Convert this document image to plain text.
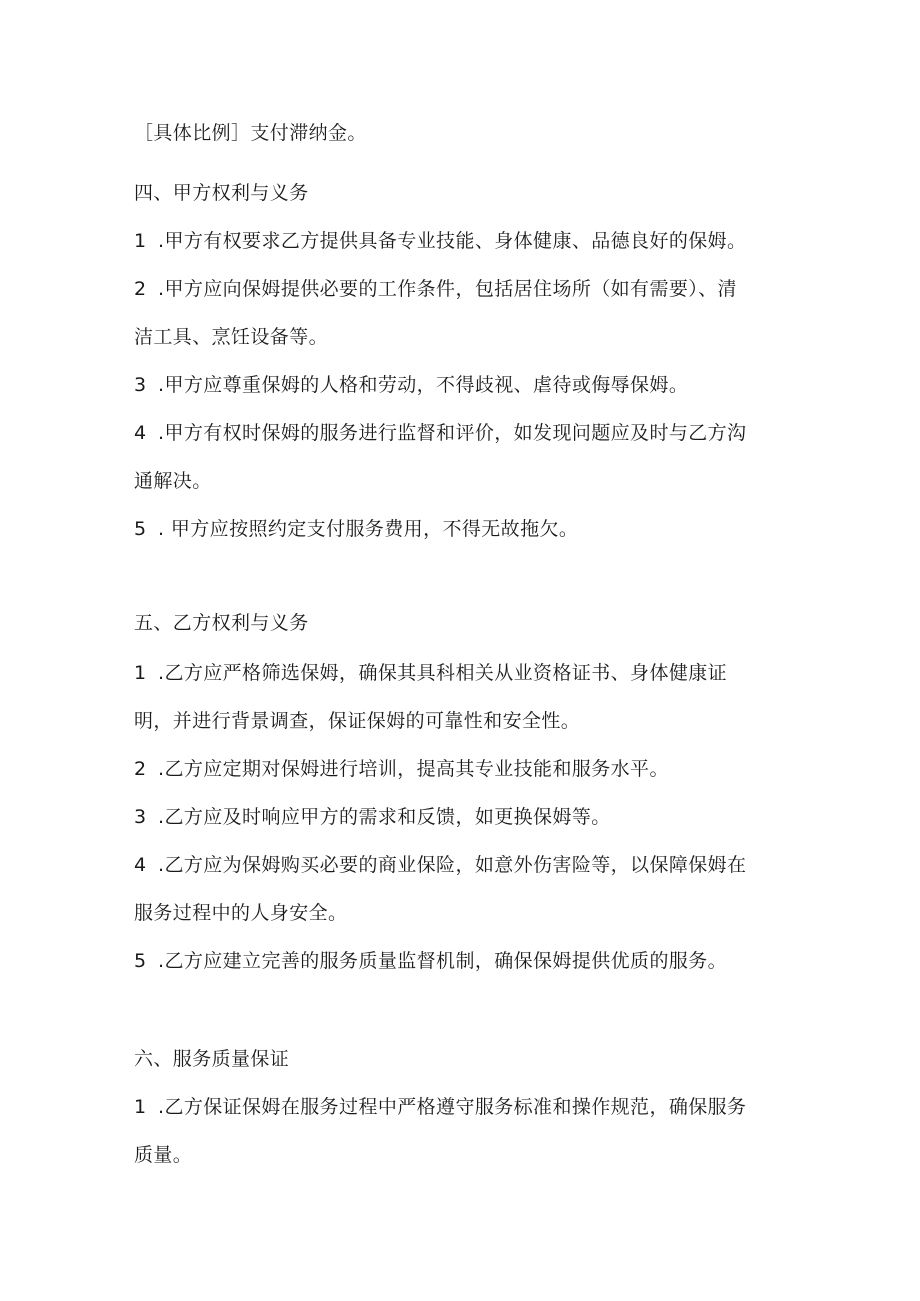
［具体比例］支付滞纳金。
四、甲方权利与义务
1 .甲方有权要求乙方提供具备专业技能、身体健康、品德良好的保姆。
2 .甲方应向保姆提供必要的工作条件，包括居住场所（如有需要）、清
洁工具、烹饪设备等。
3 .甲方应尊重保姆的人格和劳动，不得歧视、虐待或侮辱保姆。
4 .甲方有权时保姆的服务进行监督和评价，如发现问题应及时与乙方沟
通解决。
5 . 甲方应按照约定支付服务费用，不得无故拖欠。
五、乙方权利与义务
1 .乙方应严格筛选保姆，确保其具科相关从业资格证书、身体健康证
明，并进行背景调查，保证保姆的可靠性和安全性。
2 .乙方应定期对保姆进行培训，提高其专业技能和服务水平。
3 .乙方应及时响应甲方的需求和反馈，如更换保姆等。
4 .乙方应为保姆购买必要的商业保险，如意外伤害险等，以保障保姆在
服务过程中的人身安全。
5 .乙方应建立完善的服务质量监督机制，确保保姆提供优质的服务。
六、服务质量保证
1 .乙方保证保姆在服务过程中严格遵守服务标准和操作规范，确保服务
质量。
